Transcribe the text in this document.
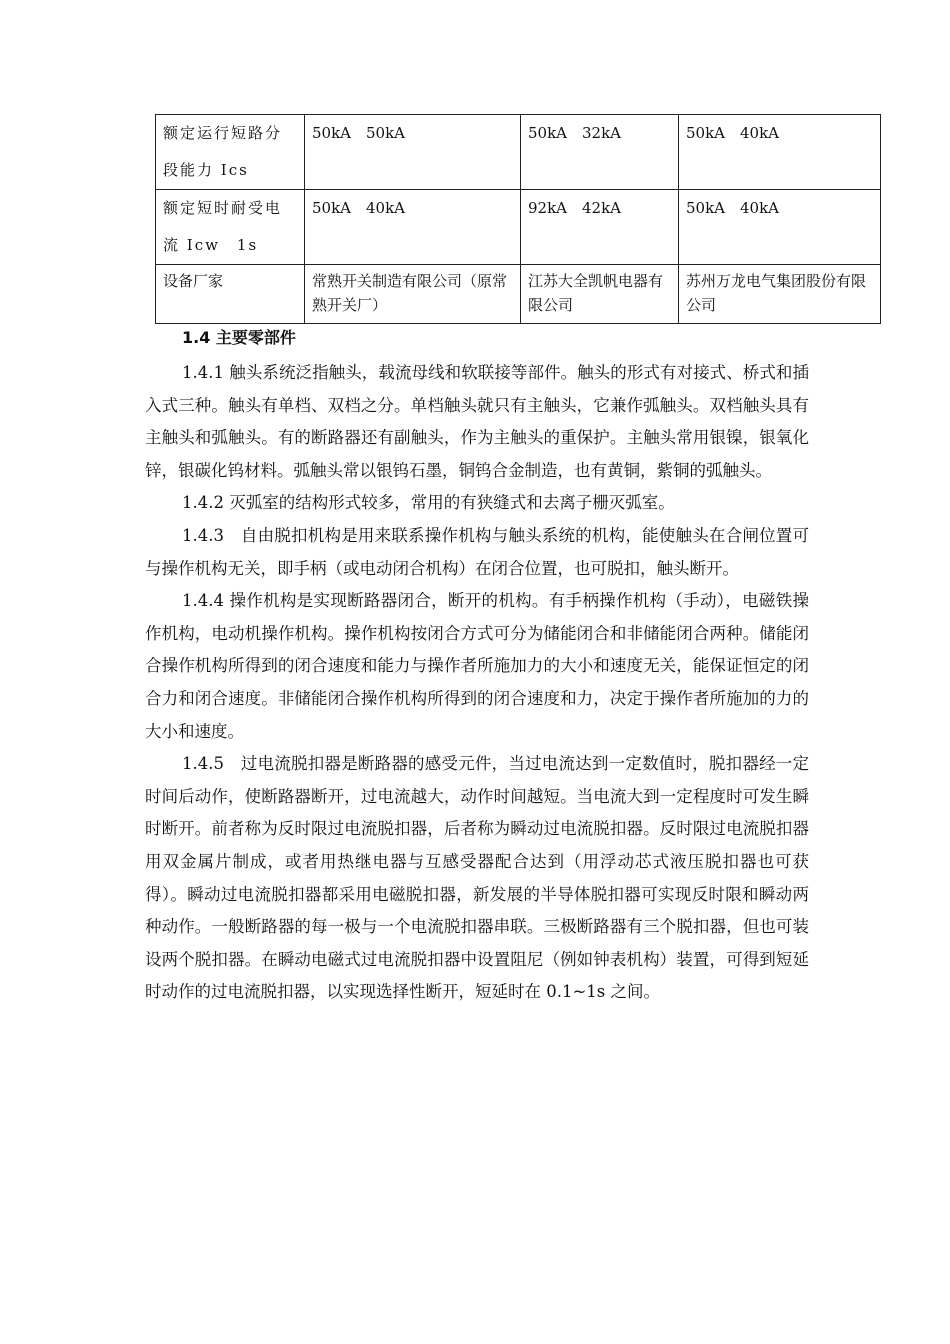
额定运行短路分段能力 Ics	50kA　50kA	50kA　32kA	50kA　40kA
额定短时耐受电流 Icw　1s	50kA　40kA	92kA　42kA	50kA　40kA
设备厂家	常熟开关制造有限公司（原常熟开关厂）	江苏大全凯帆电器有限公司	苏州万龙电气集团股份有限公司
1.4 主要零部件

1.4.1 触头系统泛指触头，载流母线和软联接等部件。触头的形式有对接式、桥式和插入式三种。触头有单档、双档之分。单档触头就只有主触头，它兼作弧触头。双档触头具有主触头和弧触头。有的断路器还有副触头，作为主触头的重保护。主触头常用银镍，银氧化锌，银碳化钨材料。弧触头常以银钨石墨，铜钨合金制造，也有黄铜，紫铜的弧触头。

1.4.2 灭弧室的结构形式较多，常用的有狭缝式和去离子栅灭弧室。

1.4.3　自由脱扣机构是用来联系操作机构与触头系统的机构，能使触头在合闸位置可与操作机构无关，即手柄（或电动闭合机构）在闭合位置，也可脱扣，触头断开。

1.4.4 操作机构是实现断路器闭合，断开的机构。有手柄操作机构（手动），电磁铁操作机构，电动机操作机构。操作机构按闭合方式可分为储能闭合和非储能闭合两种。储能闭合操作机构所得到的闭合速度和能力与操作者所施加力的大小和速度无关，能保证恒定的闭合力和闭合速度。非储能闭合操作机构所得到的闭合速度和力，决定于操作者所施加的力的大小和速度。

1.4.5　过电流脱扣器是断路器的感受元件，当过电流达到一定数值时，脱扣器经一定时间后动作，使断路器断开，过电流越大，动作时间越短。当电流大到一定程度时可发生瞬时断开。前者称为反时限过电流脱扣器，后者称为瞬动过电流脱扣器。反时限过电流脱扣器用双金属片制成，或者用热继电器与互感受器配合达到（用浮动芯式液压脱扣器也可获得）。瞬动过电流脱扣器都采用电磁脱扣器，新发展的半导体脱扣器可实现反时限和瞬动两种动作。一般断路器的每一极与一个电流脱扣器串联。三极断路器有三个脱扣器，但也可装设两个脱扣器。在瞬动电磁式过电流脱扣器中设置阻尼（例如钟表机构）装置，可得到短延时动作的过电流脱扣器，以实现选择性断开，短延时在 0.1~1s 之间。
